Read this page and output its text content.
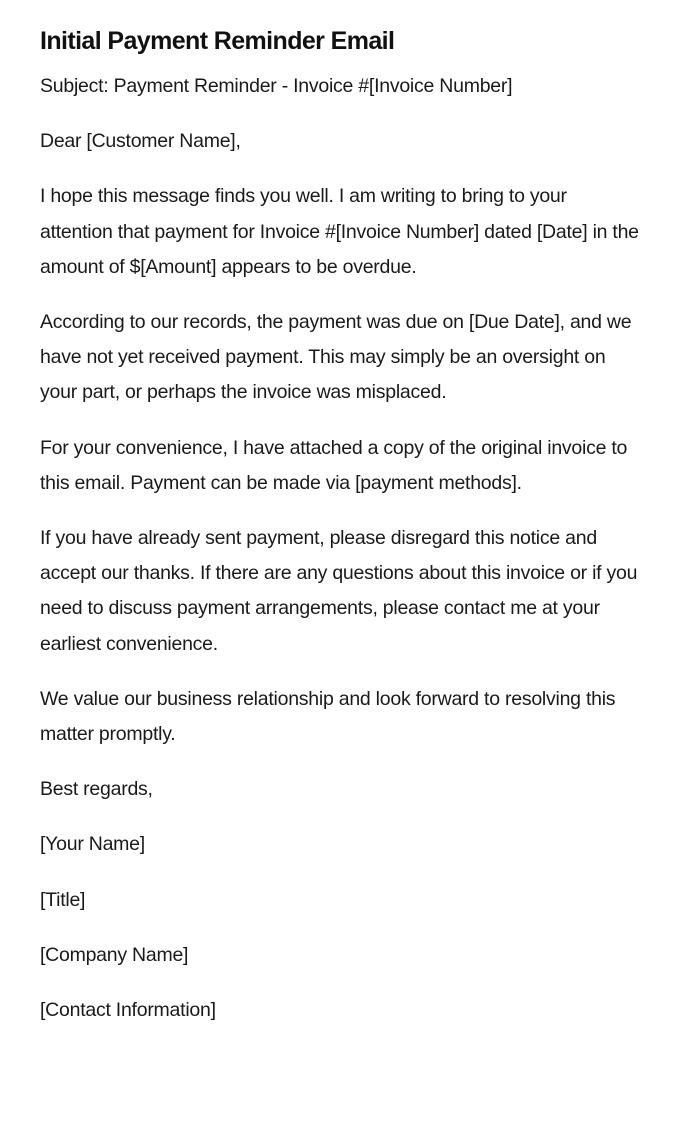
Initial Payment Reminder Email

Subject: Payment Reminder - Invoice #[Invoice Number]

Dear [Customer Name],

I hope this message finds you well. I am writing to bring to your attention that payment for Invoice #[Invoice Number] dated [Date] in the amount of $[Amount] appears to be overdue.

According to our records, the payment was due on [Due Date], and we have not yet received payment. This may simply be an oversight on your part, or perhaps the invoice was misplaced.

For your convenience, I have attached a copy of the original invoice to this email. Payment can be made via [payment methods].

If you have already sent payment, please disregard this notice and accept our thanks. If there are any questions about this invoice or if you need to discuss payment arrangements, please contact me at your earliest convenience.

We value our business relationship and look forward to resolving this matter promptly.

Best regards,

[Your Name]

[Title]

[Company Name]

[Contact Information]
